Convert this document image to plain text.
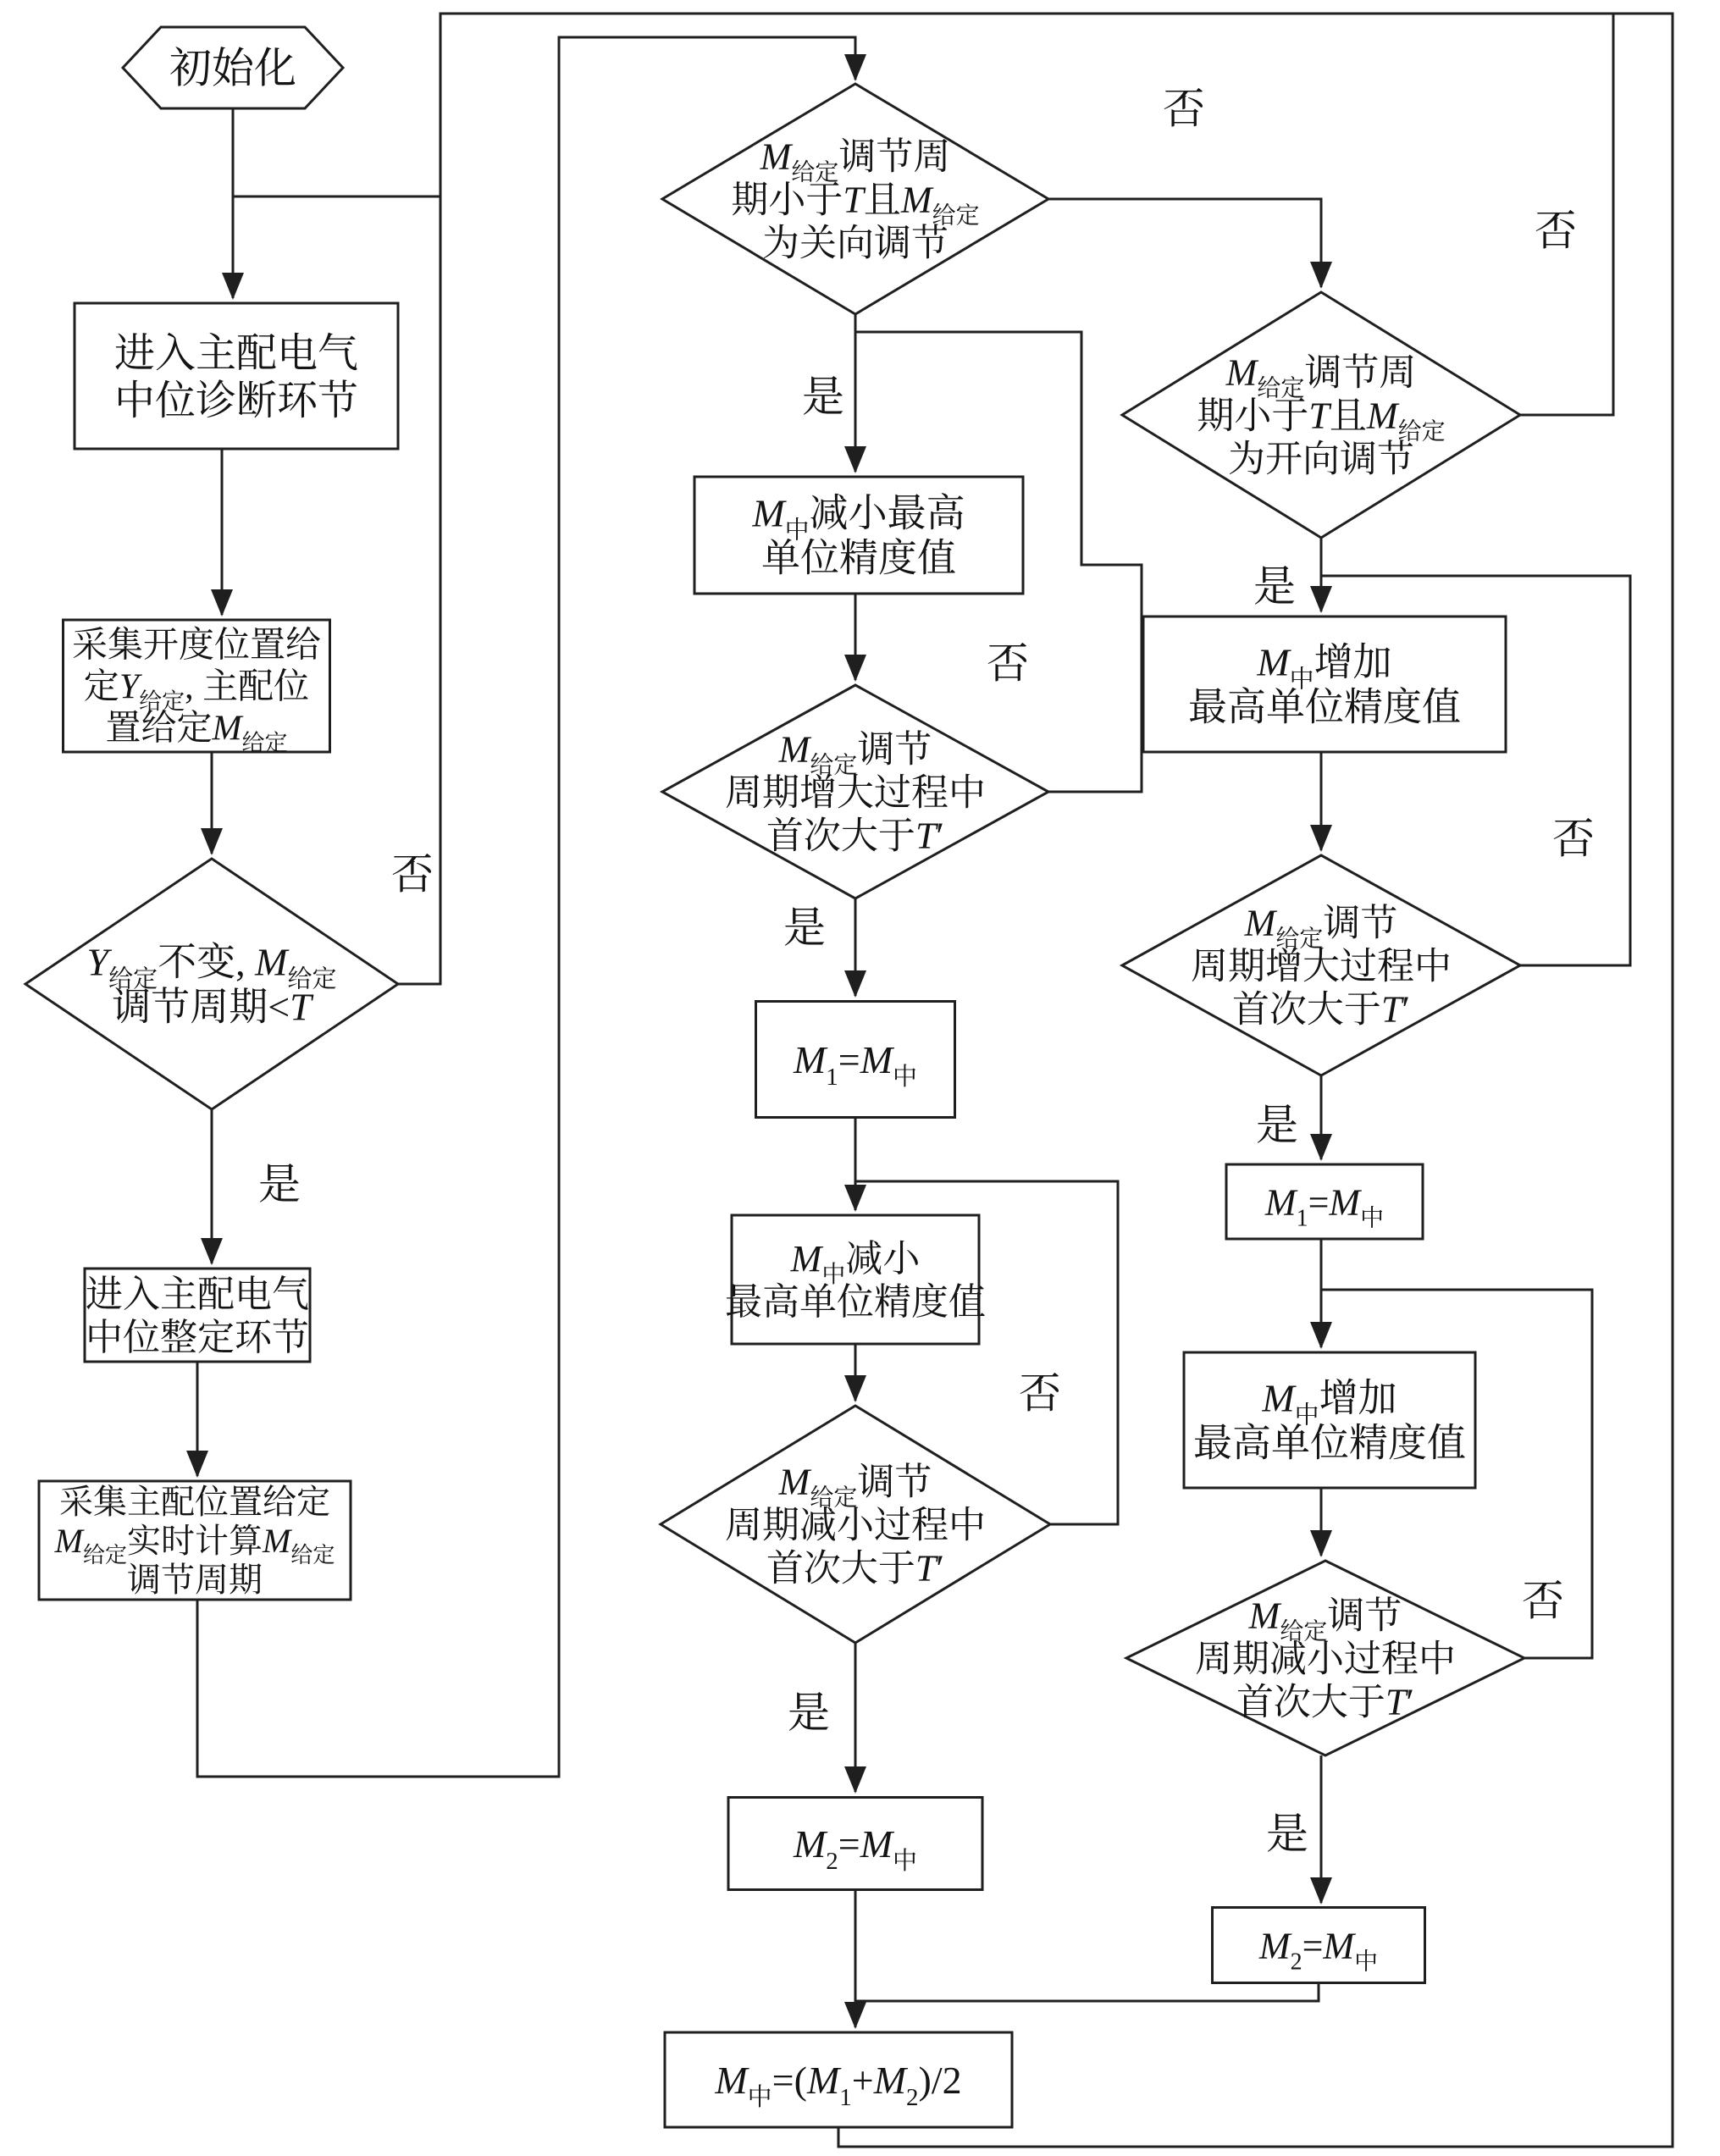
初始化
进入主配电气
中位诊断环节
采集开度位置给
定$Y_{给定}$, 主配位
置给定$M_{给定}$
$Y_{给定}$不变, $M_{给定}$
调节周期<T
进入主配电气
中位整定环节
采集主配位置给定
$M_{给定}$实时计算$M_{给定}$
调节周期
$M_{给定}$调节周
期小于T且$M_{给定}$
为关向调节
$M_中$减小最高
单位精度值
$M_{给定}$调节
周期增大过程中
首次大于T′
$M_1=M_中$
$M_中$减小
最高单位精度值
$M_{给定}$调节
周期减小过程中
首次大于T′
$M_2=M_中$
$M_中=(M_1+M_2)/2$
$M_{给定}$调节周
期小于T且$M_{给定}$
为开向调节
$M_中$增加
最高单位精度值
$M_{给定}$调节
周期增大过程中
首次大于T′
$M_1=M_中$
$M_中$增加
最高单位精度值
$M_{给定}$调节
周期减小过程中
首次大于T′
$M_2=M_中$
否
是
否
是
否
是
否
是
否
是
否
是
否
是
